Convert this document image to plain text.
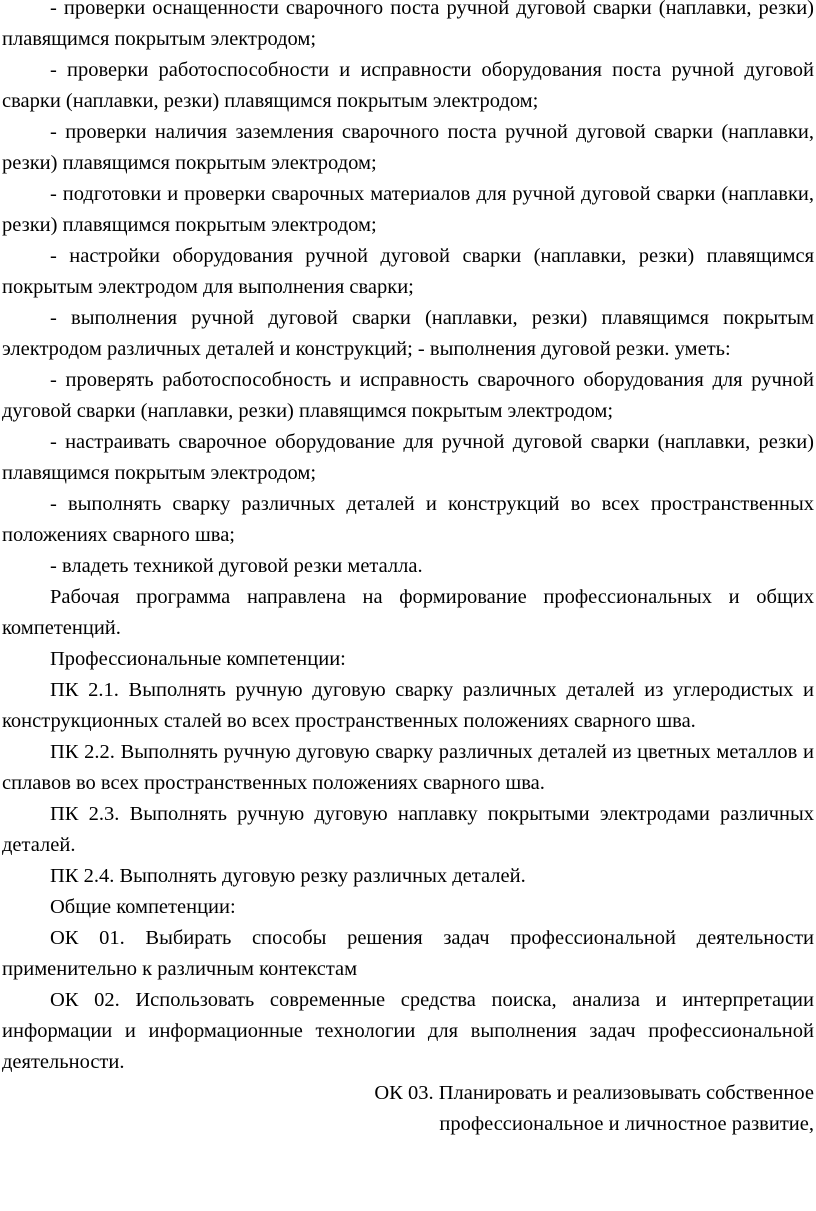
- проверки оснащенности сварочного поста ручной дуговой сварки (наплавки, резки) плавящимся покрытым электродом;

- проверки работоспособности и исправности оборудования поста ручной дуговой сварки (наплавки, резки) плавящимся покрытым электродом;

- проверки наличия заземления сварочного поста ручной дуговой сварки (наплавки, резки) плавящимся покрытым электродом;

- подготовки и проверки сварочных материалов для ручной дуговой сварки (наплавки, резки) плавящимся покрытым электродом;

- настройки оборудования ручной дуговой сварки (наплавки, резки) плавящимся покрытым электродом для выполнения сварки;

- выполнения ручной дуговой сварки (наплавки, резки) плавящимся покрытым электродом различных деталей и конструкций; - выполнения дуговой резки. уметь:

- проверять работоспособность и исправность сварочного оборудования для ручной дуговой сварки (наплавки, резки) плавящимся покрытым электродом;

- настраивать сварочное оборудование для ручной дуговой сварки (наплавки, резки) плавящимся покрытым электродом;

- выполнять сварку различных деталей и конструкций во всех пространственных положениях сварного шва;

- владеть техникой дуговой резки металла.

Рабочая программа направлена на формирование профессиональных и общих компетенций.

Профессиональные компетенции:

ПК 2.1. Выполнять ручную дуговую сварку различных деталей из углеродистых и конструкционных сталей во всех пространственных положениях сварного шва.

ПК 2.2. Выполнять ручную дуговую сварку различных деталей из цветных металлов и сплавов во всех пространственных положениях сварного шва.

ПК 2.3. Выполнять ручную дуговую наплавку покрытыми электродами различных деталей.

ПК 2.4. Выполнять дуговую резку различных деталей.

Общие компетенции:

ОК 01. Выбирать способы решения задач профессиональной деятельности применительно к различным контекстам

ОК 02. Использовать современные средства поиска, анализа и интерпретации информации и информационные технологии для выполнения задач профессиональной деятельности.

ОК 03. Планировать и реализовывать собственное

профессиональное и личностное развитие,
